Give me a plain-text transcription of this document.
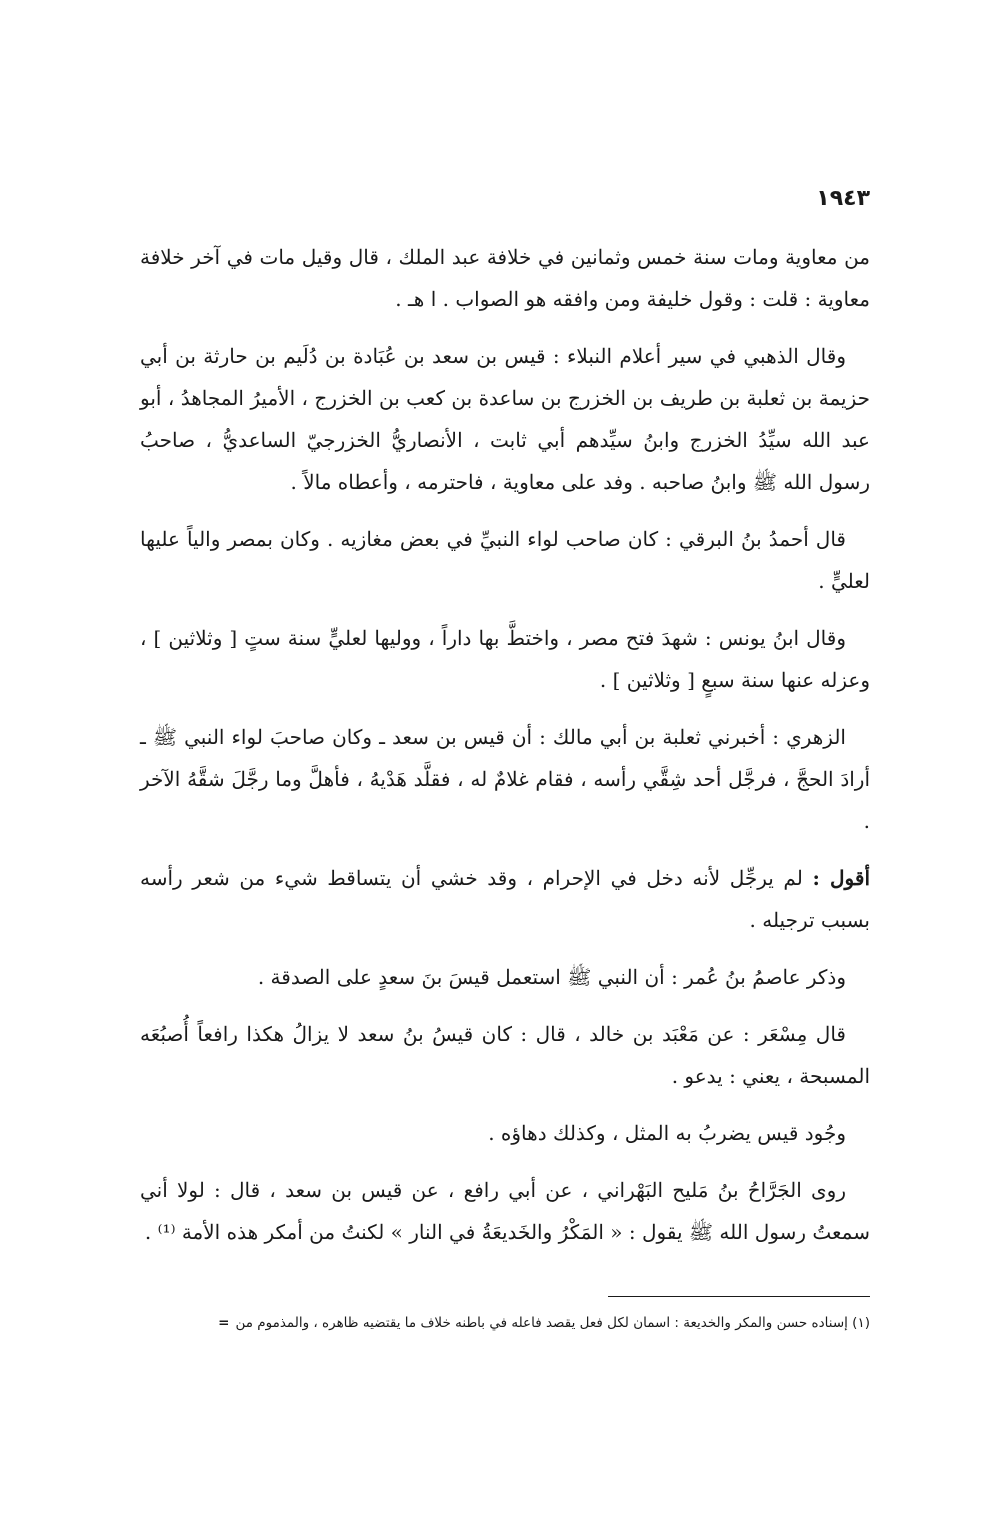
١٩٤٣

من معاوية ومات سنة خمس وثمانين في خلافة عبد الملك ، قال وقيل مات في آخر خلافة معاوية : قلت : وقول خليفة ومن وافقه هو الصواب . ا هـ .

وقال الذهبي في سير أعلام النبلاء : قيس بن سعد بن عُبَادة بن دُلَيم بن حارثة بن أبي حزيمة بن ثعلبة بن طريف بن الخزرج بن ساعدة بن كعب بن الخزرج ، الأميرُ المجاهدُ ، أبو عبد الله سيِّدُ الخزرج وابنُ سيِّدهم أبي ثابت ، الأنصاريُّ الخزرجيّ الساعديُّ ، صاحبُ رسول الله ﷺ وابنُ صاحبه . وفد على معاوية ، فاحترمه ، وأعطاه مالاً .

قال أحمدُ بنُ البرقي : كان صاحب لواء النبيِّ في بعض مغازيه . وكان بمصر والياً عليها لعليٍّ .

وقال ابنُ يونس : شهدَ فتح مصر ، واختطَّ بها داراً ، ووليها لعليٍّ سنة ستٍ [ وثلاثين ] ، وعزله عنها سنة سبعٍ [ وثلاثين ] .

الزهري : أخبرني ثعلبة بن أبي مالك : أن قيس بن سعد ـ وكان صاحبَ لواء النبي ﷺ ـ أرادَ الحجَّ ، فرجَّل أحد شِقَّي رأسه ، فقام غلامٌ له ، فقلَّد هَدْيهُ ، فأهلَّ وما رجَّلَ شقَّهُ الآخر .

أقول : لم يرجِّل لأنه دخل في الإحرام ، وقد خشي أن يتساقط شيء من شعر رأسه بسبب ترجيله .

وذكر عاصمُ بنُ عُمر : أن النبي ﷺ استعمل قيسَ بنَ سعدٍ على الصدقة .

قال مِسْعَر : عن مَعْبَد بن خالد ، قال : كان قيسُ بنُ سعد لا يزالُ هكذا رافعاً أُصبُعَه المسبحة ، يعني : يدعو .

وجُود قيس يضربُ به المثل ، وكذلك دهاؤه .

روى الجَرَّاحُ بنُ مَليح البَهْراني ، عن أبي رافع ، عن قيس بن سعد ، قال : لولا أني سمعتُ رسول الله ﷺ يقول : « المَكْرُ والخَديعَةُ في النار » لكنتُ من أمكر هذه الأمة ⁽¹⁾ .

(١) إسناده حسن والمكر والخديعة : اسمان لكل فعل يقصد فاعله في باطنه خلاف ما يقتضيه ظاهره ، والمذموم من=
